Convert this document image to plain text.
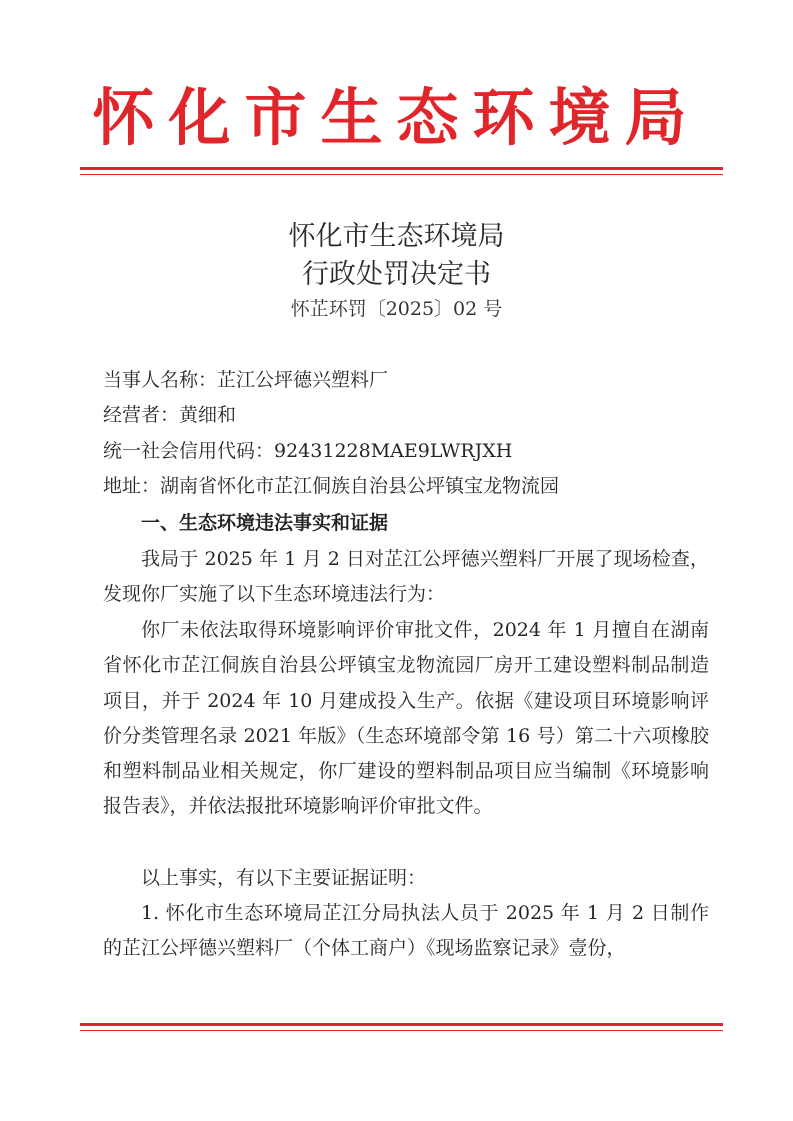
怀化市生态环境局
怀化市生态环境局
行政处罚决定书
怀芷环罚〔2025〕02 号
当事人名称：芷江公坪德兴塑料厂
经营者：黄细和
统一社会信用代码：92431228MAE9LWRJXH
地址：湖南省怀化市芷江侗族自治县公坪镇宝龙物流园
一、生态环境违法事实和证据
我局于 2025 年 1 月 2 日对芷江公坪德兴塑料厂开展了现场检查，发现你厂实施了以下生态环境违法行为：
你厂未依法取得环境影响评价审批文件，2024 年 1 月擅自在湖南省怀化市芷江侗族自治县公坪镇宝龙物流园厂房开工建设塑料制品制造项目，并于 2024 年 10 月建成投入生产。依据《建设项目环境影响评价分类管理名录 2021 年版》（生态环境部令第 16 号）第二十六项橡胶和塑料制品业相关规定，你厂建设的塑料制品项目应当编制《环境影响报告表》，并依法报批环境影响评价审批文件。
以上事实，有以下主要证据证明：
1. 怀化市生态环境局芷江分局执法人员于 2025 年 1 月 2 日制作的芷江公坪德兴塑料厂（个体工商户）《现场监察记录》壹份，
